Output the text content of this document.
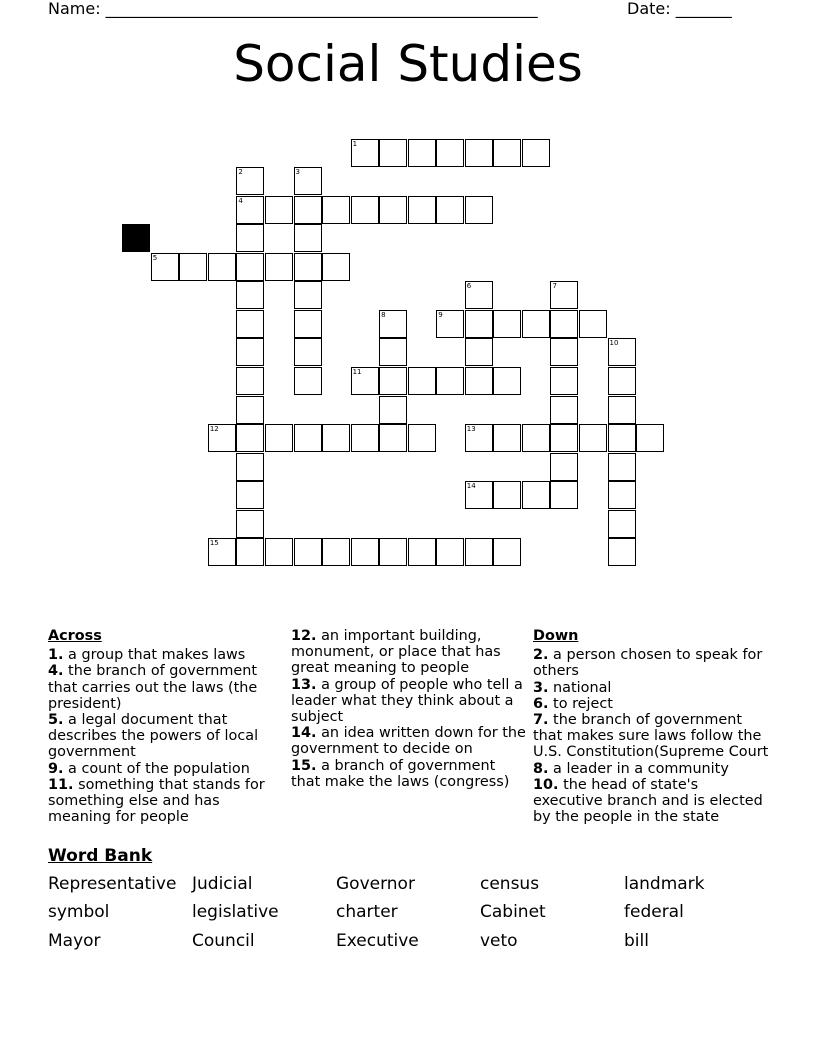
Name: ______________________________________________________	Date: _______
Social Studies
1
4
5
9
11
12	13
14
15
2	3
6	7
8
10
Across
1. a group that makes laws
4. the branch of government that carries out the laws (the president)
5. a legal document that describes the powers of local government
9. a count of the population
11. something that stands for something else and has meaning for people
12. an important building, monument, or place that has great meaning to people
13. a group of people who tell a leader what they think about a subject
14. an idea written down for the government to decide on
15. a branch of government that make the laws (congress)
Down
2. a person chosen to speak for others
3. national
6. to reject
7. the branch of government that makes sure laws follow the U.S. Constitution(Supreme Court
8. a leader in a community
10. the head of state's executive branch and is elected by the people in the state
Word Bank
Representative Judicial	Governor	census	landmark
symbol	legislative	charter	Cabinet	federal
Mayor	Council	Executive	veto	bill
